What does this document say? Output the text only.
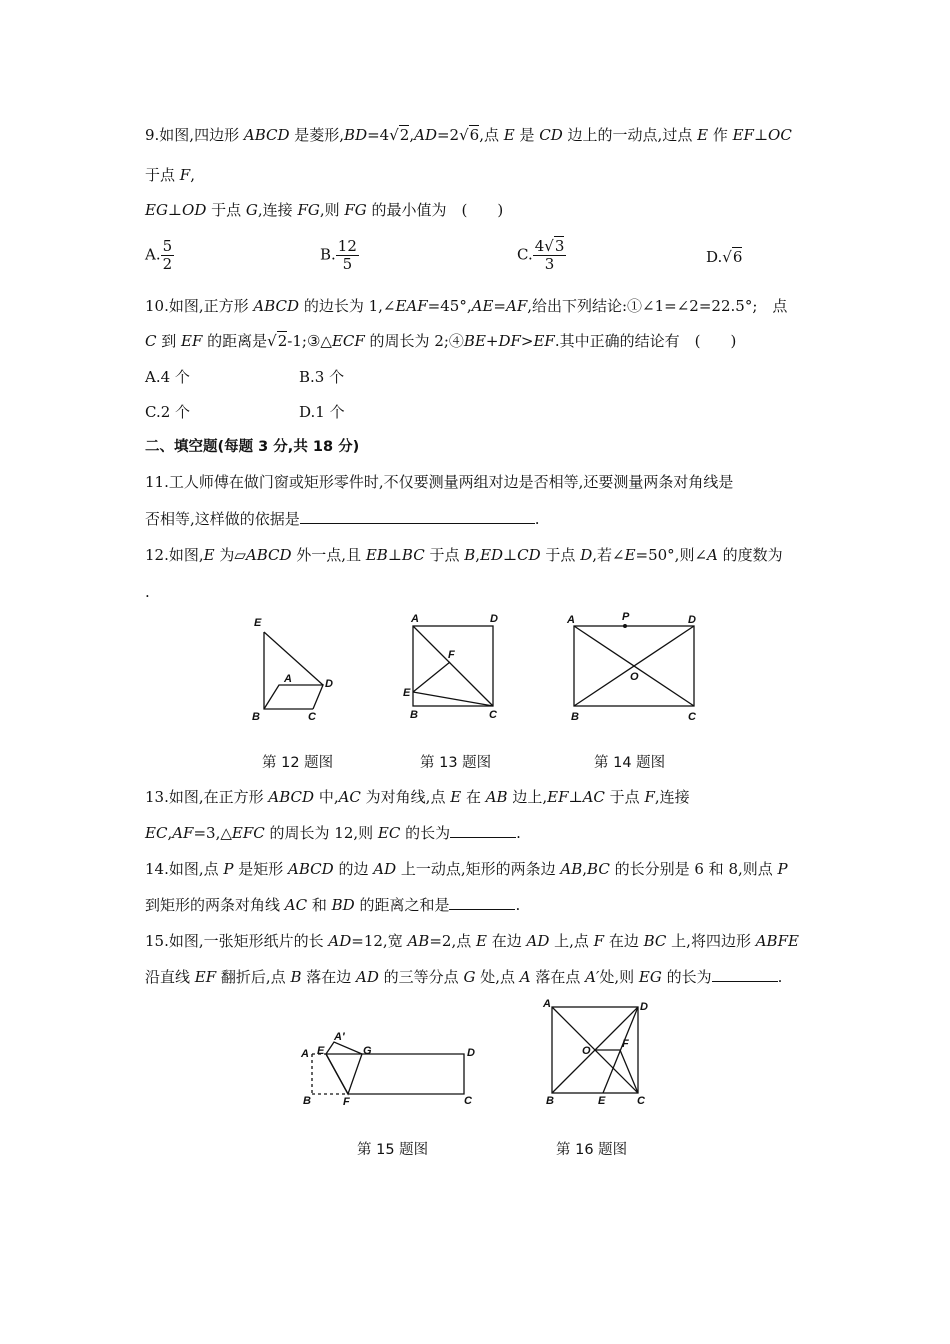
9.如图,四边形 ABCD 是菱形,BD=4√2,AD=2√6,点 E 是 CD 边上的一动点,过点 E 作 EF⊥OC
于点 F,
EG⊥OD 于点 G,连接 FG,则 FG 的最小值为　(　　)
A. $\frac{5}{2}$	B. $\frac{12}{5}$	C. $\frac{4√3}{3}$	D.√6
10.如图,正方形 ABCD 的边长为 1,∠EAF=45°,AE=AF,给出下列结论:①∠1=∠2=22.5°;　点
C 到 EF 的距离是√2-1;③△ECF 的周长为 2;④BE+DF>EF.其中正确的结论有　(　　)
A.4 个	B.3 个
C.2 个	D.1 个
二、填空题(每题 3 分,共 18 分)
11.工人师傅在做门窗或矩形零件时,不仅要测量两组对边是否相等,还要测量两条对角线是
否相等,这样做的依据是	.
12.如图,E 为▱ABCD 外一点,且 EB⊥BC 于点 B,ED⊥CD 于点 D,若∠E=50°,则∠A 的度数为
.
E
A	D
B	C
第 12 题图
A	D
F
E
B	C
第 13 题图
A	P	D
O
B	C
第 14 题图
13.如图,在正方形 ABCD 中,AC 为对角线,点 E 在 AB 边上,EF⊥AC 于点 F,连接
EC,AF=3,△EFC 的周长为 12,则 EC 的长为	.
14.如图,点 P 是矩形 ABCD 的边 AD 上一动点,矩形的两条边 AB,BC 的长分别是 6 和 8,则点 P
到矩形的两条对角线 AC 和 BD 的距离之和是	.
15.如图,一张矩形纸片的长 AD=12,宽 AB=2,点 E 在边 AD 上,点 F 在边 BC 上,将四边形 ABFE
沿直线 EF 翻折后,点 B 落在边 AD 的三等分点 G 处,点 A 落在点 A′处,则 EG 的长为	.
A E
A′
G	D
B	F	C
第 15 题图
A	D
O
F
B	E	C
第 16 题图
